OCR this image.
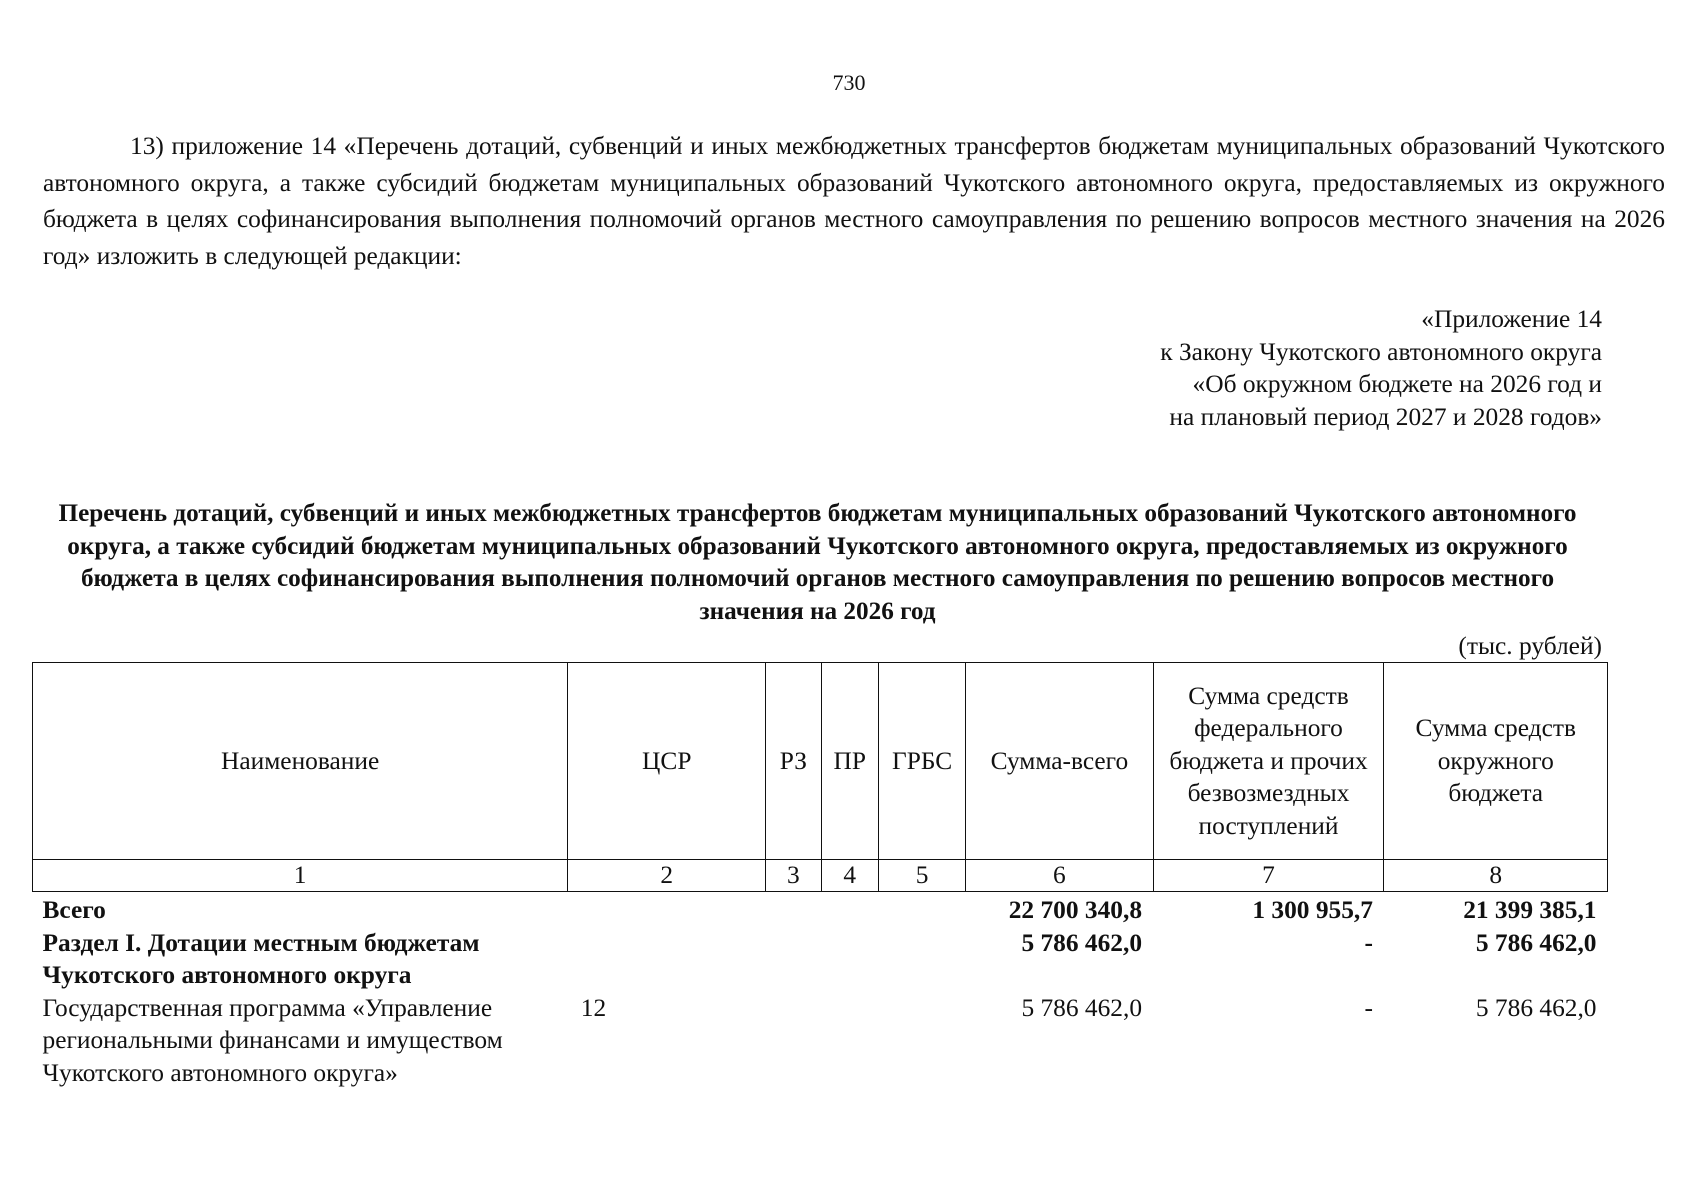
730

13) приложение 14 «Перечень дотаций, субвенций и иных межбюджетных трансфертов бюджетам муниципальных образований Чукотского автономного округа, а также субсидий бюджетам муниципальных образований Чукотского автономного округа, предоставляемых из окружного бюджета в целях софинансирования выполнения полномочий органов местного самоуправления по решению вопросов местного значения на 2026 год» изложить в следующей редакции:

«Приложение 14
к Закону Чукотского автономного округа
«Об окружном бюджете на 2026 год и
на плановый период 2027 и 2028 годов»
Перечень дотаций, субвенций и иных межбюджетных трансфертов бюджетам муниципальных образований Чукотского автономного округа, а также субсидий бюджетам муниципальных образований Чукотского автономного округа, предоставляемых из окружного бюджета в целях софинансирования выполнения полномочий органов местного самоуправления по решению вопросов местного значения на 2026 год
(тыс. рублей)
Наименование	ЦСР	РЗ	ПР	ГРБС	Сумма-всего	Сумма средств федерального бюджета и прочих безвозмездных поступлений	Сумма средств окружного бюджета
1	2	3	4	5	6	7	8
Всего					22 700 340,8	1 300 955,7	21 399 385,1
Раздел I. Дотации местным бюджетам Чукотского автономного округа					5 786 462,0	-	5 786 462,0
Государственная программа «Управление региональными финансами и имуществом Чукотского автономного округа»	12				5 786 462,0	-	5 786 462,0
